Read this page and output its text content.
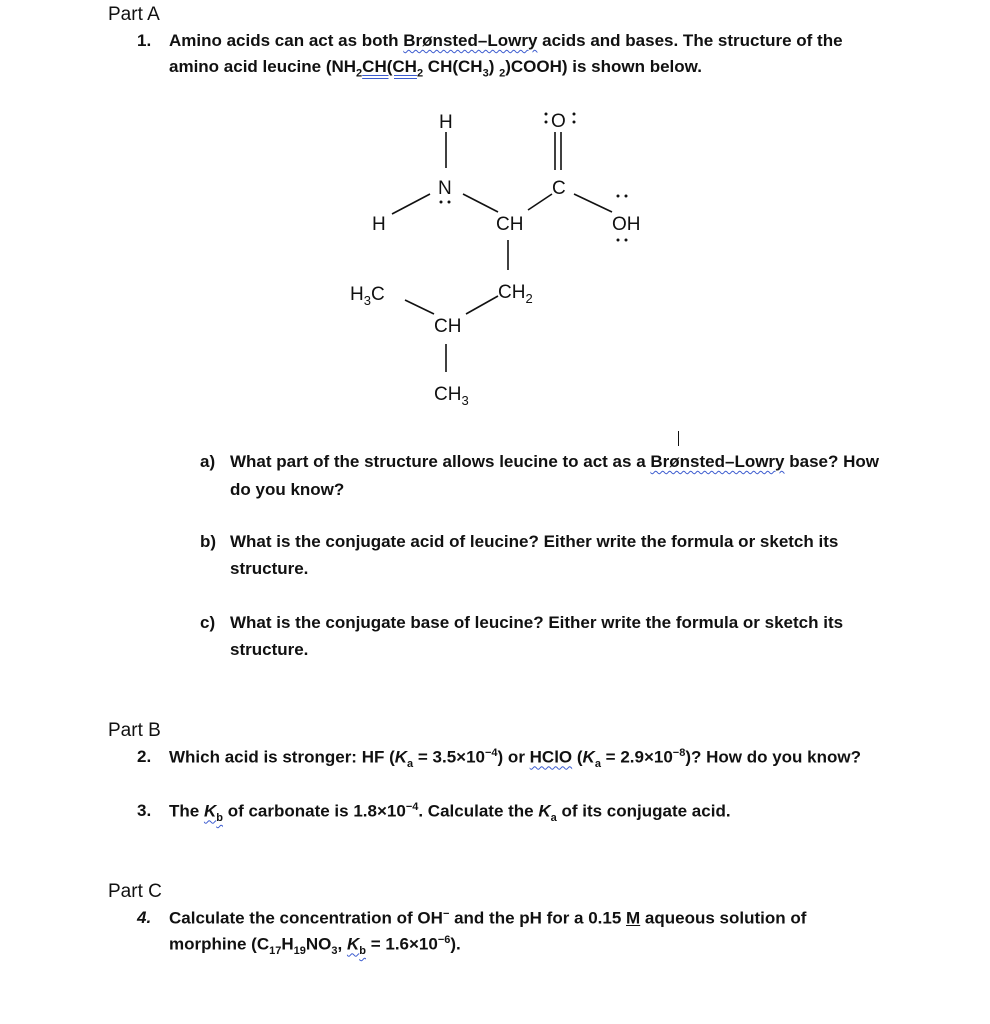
Part A
1. Amino acids can act as both Brønsted–Lowry acids and bases. The structure of the
amino acid leucine ($NH_2CH(CH_2$ $CH(CH_3)$ $_2$)COOH) is shown below.
H
N
H	CH
C
O
OH
$CH_2$
$H_3C$
CH
$CH_3$
a) What part of the structure allows leucine to act as a Brønsted–Lowry base? How
do you know?
b) What is the conjugate acid of leucine? Either write the formula or sketch its
structure.
c) What is the conjugate base of leucine? Either write the formula or sketch its
structure.
Part B
2. Which acid is stronger: HF $(K_a = 3.5\times 10^{-4})$ or HClO $(K_a = 2.9\times 10^{-8})$? How do you know?
3. The $K_b$ of carbonate is $1.8\times 10^{-4}$. Calculate the $K_a$ of its conjugate acid.
Part C
4. Calculate the concentration of OH− and the pH for a 0.15 M aqueous solution of
morphine ($C_{17}H_{19}NO_3$, $K_b = 1.6\times 10^{-6}$).
